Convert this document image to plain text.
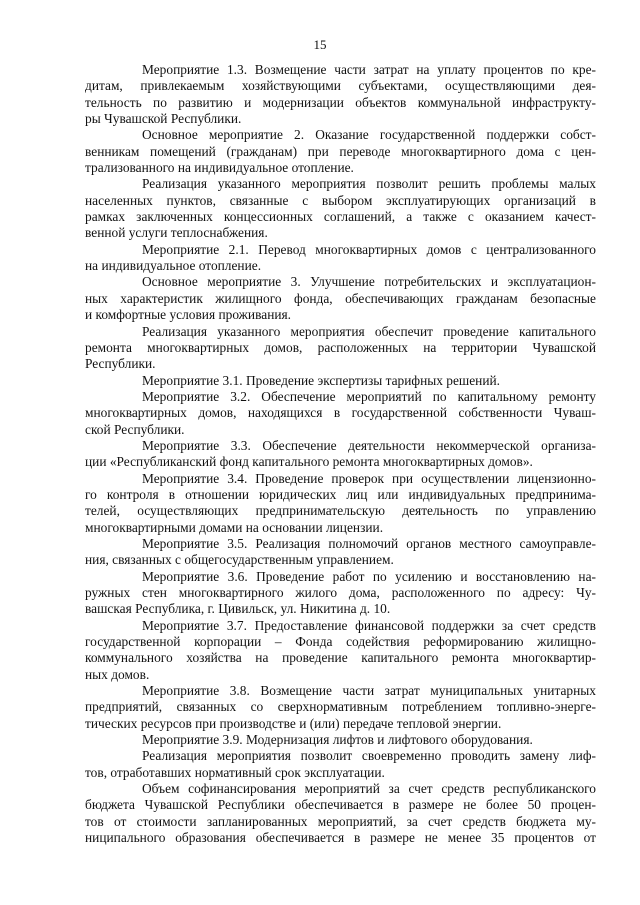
15
Мероприятие 1.3. Возмещение части затрат на уплату процентов по кре-
дитам, привлекаемым хозяйствующими субъектами, осуществляющими дея-
тельность по развитию и модернизации объектов коммунальной инфраструкту-
ры Чувашской Республики.
Основное мероприятие 2. Оказание государственной поддержки собст-
венникам помещений (гражданам) при переводе многоквартирного дома с цен-
трализованного на индивидуальное отопление.
Реализация указанного мероприятия позволит решить проблемы малых
населенных пунктов, связанные с выбором эксплуатирующих организаций в
рамках заключенных концессионных соглашений, а также с оказанием качест-
венной услуги теплоснабжения.
Мероприятие 2.1. Перевод многоквартирных домов с централизованного
на индивидуальное отопление.
Основное мероприятие 3. Улучшение потребительских и эксплуатацион-
ных характеристик жилищного фонда, обеспечивающих гражданам безопасные
и комфортные условия проживания.
Реализация указанного мероприятия обеспечит проведение капитального
ремонта многоквартирных домов, расположенных на территории Чувашской
Республики.
Мероприятие 3.1. Проведение экспертизы тарифных решений.
Мероприятие 3.2. Обеспечение мероприятий по капитальному ремонту
многоквартирных домов, находящихся в государственной собственности Чуваш-
ской Республики.
Мероприятие 3.3. Обеспечение деятельности некоммерческой организа-
ции «Республиканский фонд капитального ремонта многоквартирных домов».
Мероприятие 3.4. Проведение проверок при осуществлении лицензионно-
го контроля в отношении юридических лиц или индивидуальных предпринима-
телей, осуществляющих предпринимательскую деятельность по управлению
многоквартирными домами на основании лицензии.
Мероприятие 3.5. Реализация полномочий органов местного самоуправле-
ния, связанных с общегосударственным управлением.
Мероприятие 3.6. Проведение работ по усилению и восстановлению на-
ружных стен многоквартирного жилого дома, расположенного по адресу: Чу-
вашская Республика, г. Цивильск, ул. Никитина д. 10.
Мероприятие 3.7. Предоставление финансовой поддержки за счет средств
государственной корпорации – Фонда содействия реформированию жилищно-
коммунального хозяйства на проведение капитального ремонта многоквартир-
ных домов.
Мероприятие 3.8. Возмещение части затрат муниципальных унитарных
предприятий, связанных со сверхнормативным потреблением топливно-энерге-
тических ресурсов при производстве и (или) передаче тепловой энергии.
Мероприятие 3.9. Модернизация лифтов и лифтового оборудования.
Реализация мероприятия позволит своевременно проводить замену лиф-
тов, отработавших нормативный срок эксплуатации.
Объем софинансирования мероприятий за счет средств республиканского
бюджета Чувашской Республики обеспечивается в размере не более 50 процен-
тов от стоимости запланированных мероприятий, за счет средств бюджета му-
ниципального образования обеспечивается в размере не менее 35 процентов от
